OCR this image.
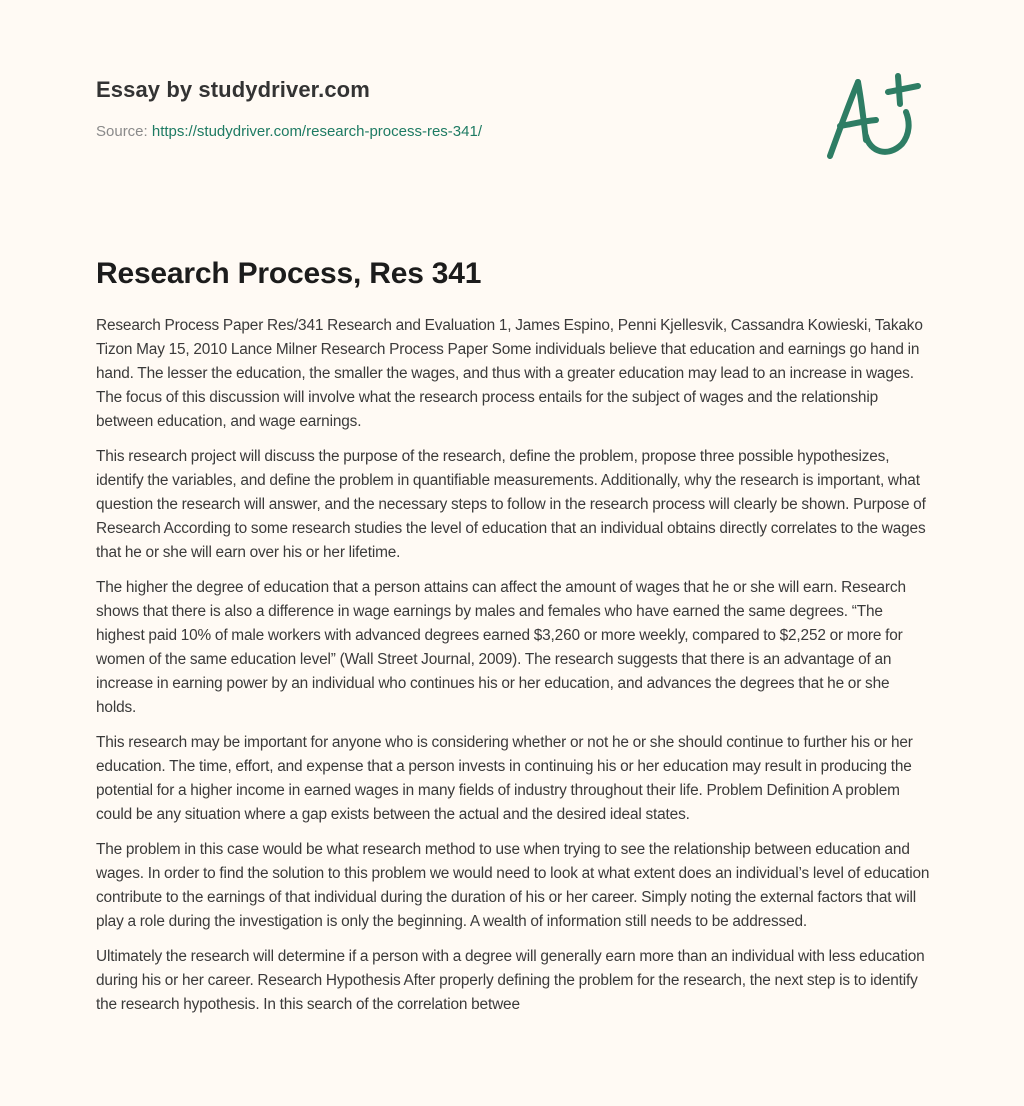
Essay by studydriver.com
Source: https://studydriver.com/research-process-res-341/
Research Process, Res 341

Research Process Paper Res/341 Research and Evaluation 1, James Espino, Penni Kjellesvik, Cassandra Kowieski, Takako Tizon May 15, 2010 Lance Milner Research Process Paper Some individuals believe that education and earnings go hand in hand. The lesser the education, the smaller the wages, and thus with a greater education may lead to an increase in wages. The focus of this discussion will involve what the research process entails for the subject of wages and the relationship between education, and wage earnings.

This research project will discuss the purpose of the research, define the problem, propose three possible hypothesizes, identify the variables, and define the problem in quantifiable measurements. Additionally, why the research is important, what question the research will answer, and the necessary steps to follow in the research process will clearly be shown. Purpose of Research According to some research studies the level of education that an individual obtains directly correlates to the wages that he or she will earn over his or her lifetime.

The higher the degree of education that a person attains can affect the amount of wages that he or she will earn. Research shows that there is also a difference in wage earnings by males and females who have earned the same degrees. “The highest paid 10% of male workers with advanced degrees earned $3,260 or more weekly, compared to $2,252 or more for women of the same education level” (Wall Street Journal, 2009). The research suggests that there is an advantage of an increase in earning power by an individual who continues his or her education, and advances the degrees that he or she holds.

This research may be important for anyone who is considering whether or not he or she should continue to further his or her education. The time, effort, and expense that a person invests in continuing his or her education may result in producing the potential for a higher income in earned wages in many fields of industry throughout their life. Problem Definition A problem could be any situation where a gap exists between the actual and the desired ideal states.

The problem in this case would be what research method to use when trying to see the relationship between education and wages. In order to find the solution to this problem we would need to look at what extent does an individual’s level of education contribute to the earnings of that individual during the duration of his or her career. Simply noting the external factors that will play a role during the investigation is only the beginning. A wealth of information still needs to be addressed.

Ultimately the research will determine if a person with a degree will generally earn more than an individual with less education during his or her career. Research Hypothesis After properly defining the problem for the research, the next step is to identify the research hypothesis. In this search of the correlation betwee
